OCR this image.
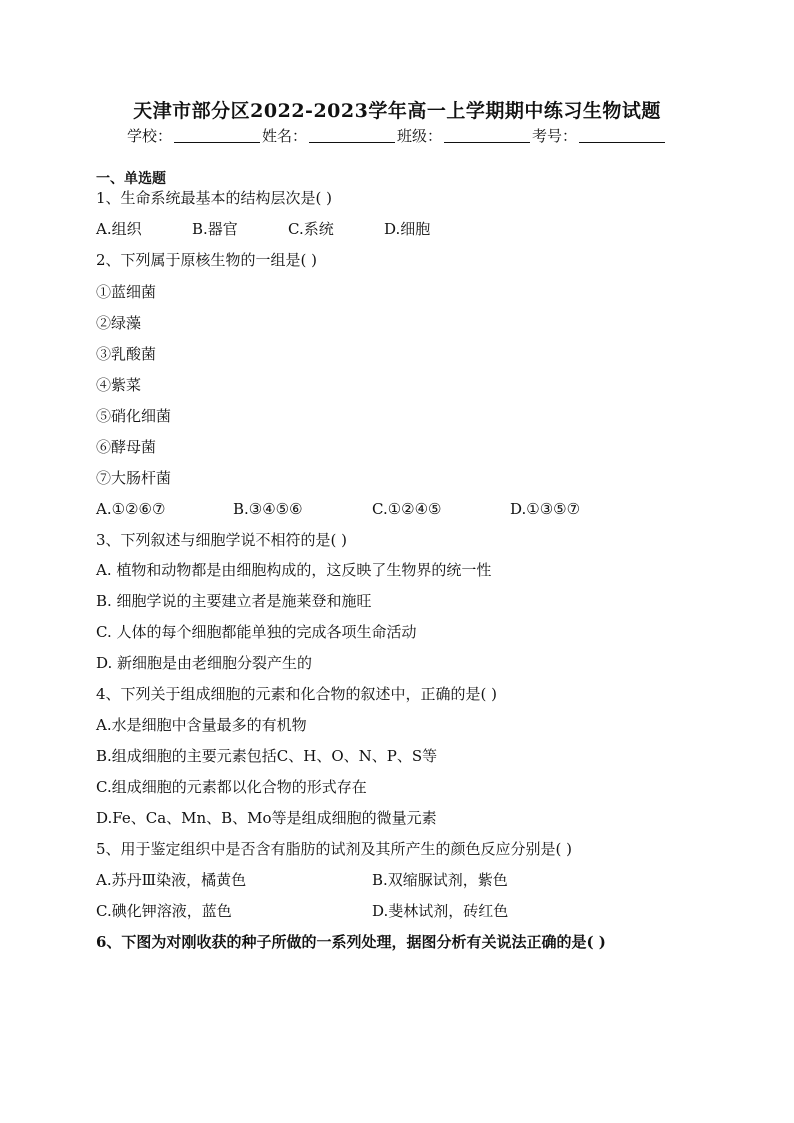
天津市部分区2022-2023学年高一上学期期中练习生物试题
学校：	姓名：	班级：	考号：
一、单选题
1、生命系统最基本的结构层次是( )
A.组织	B.器官	C.系统	D.细胞
2、下列属于原核生物的一组是( )
①蓝细菌
②绿藻
③乳酸菌
④紫菜
⑤硝化细菌
⑥酵母菌
⑦大肠杆菌
A.①②⑥⑦	B.③④⑤⑥	C.①②④⑤	D.①③⑤⑦
3、下列叙述与细胞学说不相符的是( )
A. 植物和动物都是由细胞构成的，这反映了生物界的统一性
B. 细胞学说的主要建立者是施莱登和施旺
C. 人体的每个细胞都能单独的完成各项生命活动
D. 新细胞是由老细胞分裂产生的
4、下列关于组成细胞的元素和化合物的叙述中，正确的是( )
A.水是细胞中含量最多的有机物
B.组成细胞的主要元素包括C、H、O、N、P、S等
C.组成细胞的元素都以化合物的形式存在
D.Fe、Ca、Mn、B、Mo等是组成细胞的微量元素
5、用于鉴定组织中是否含有脂肪的试剂及其所产生的颜色反应分别是( )
A.苏丹Ⅲ染液，橘黄色	B.双缩脲试剂，紫色
C.碘化钾溶液，蓝色	D.斐林试剂，砖红色
6、下图为对刚收获的种子所做的一系列处理，据图分析有关说法正确的是( )
